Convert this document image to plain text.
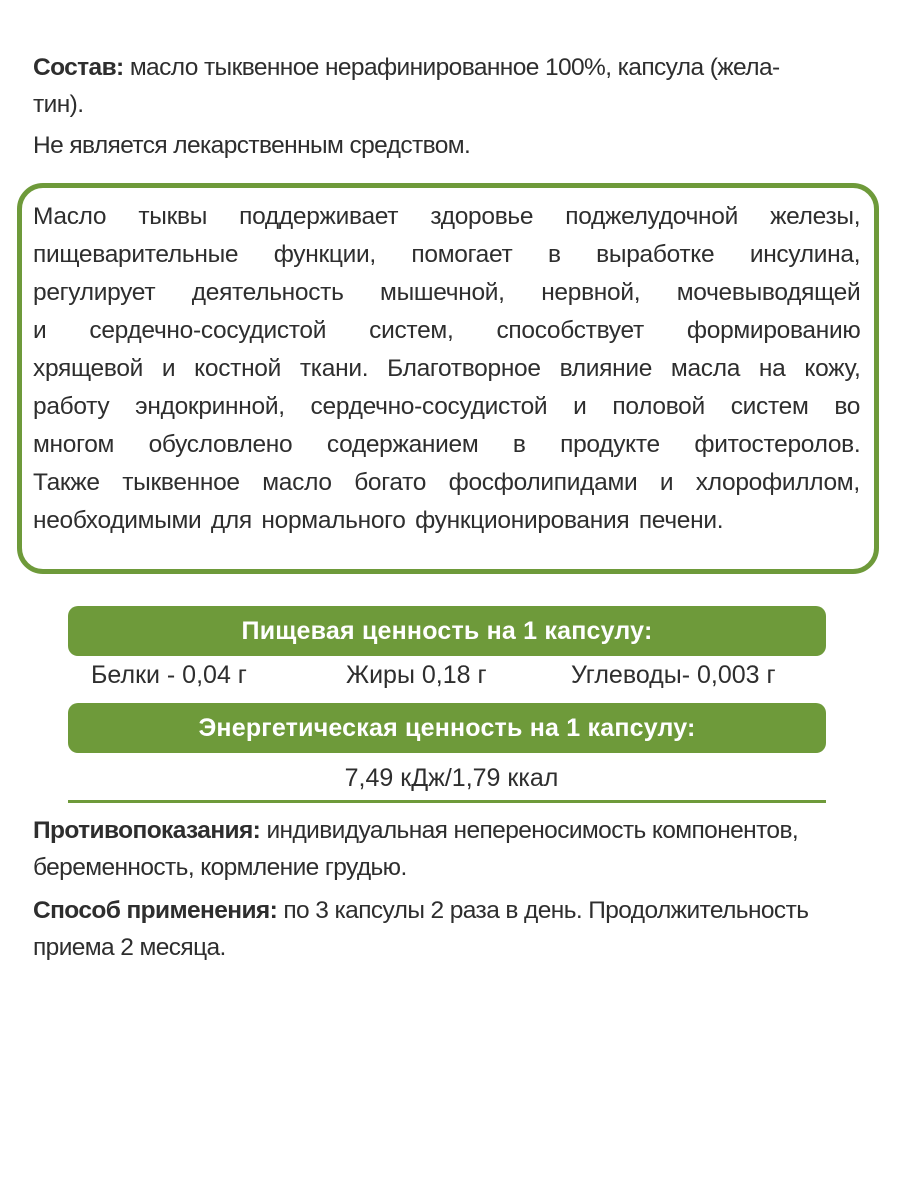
Состав: масло тыквенное нерафинированное 100%, капсула (жела-
тин).
Не является лекарственным средством.
Масло тыквы поддерживает здоровье поджелудочной железы,
пищеварительные функции, помогает в выработке инсулина,
регулирует деятельность мышечной, нервной, мочевыводящей
и сердечно-сосудистой систем, способствует формированию
хрящевой и костной ткани. Благотворное влияние масла на кожу,
работу эндокринной, сердечно-сосудистой и половой систем во
многом обусловлено содержанием в продукте фитостеролов.
Также тыквенное масло богато фосфолипидами и хлорофиллом,
необходимыми для нормального функционирования печени.
Пищевая ценность на 1 капсулу:
Белки - 0,04 г	Жиры 0,18 г	Углеводы- 0,003 г
Энергетическая ценность на 1 капсулу:
7,49 кДж/1,79 ккал
Противопоказания: индивидуальная непереносимость компонентов,
беременность, кормление грудью.
Способ применения: по 3 капсулы 2 раза в день. Продолжительность
приема 2 месяца.
